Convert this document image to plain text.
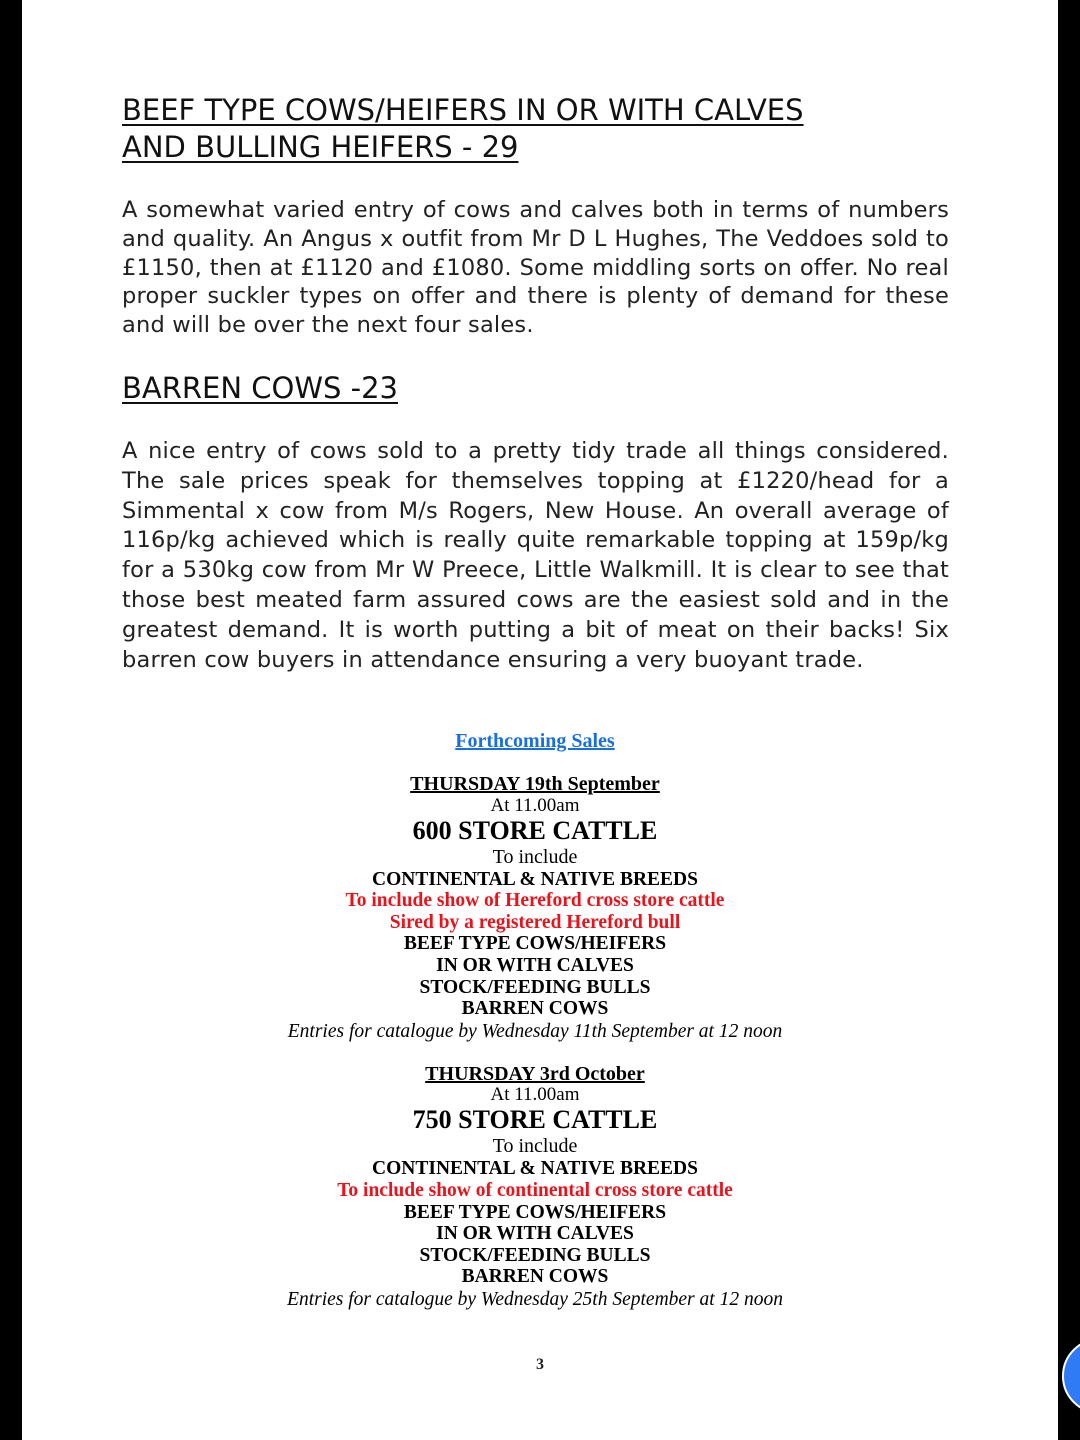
BEEF TYPE COWS/HEIFERS IN OR WITH CALVES
AND BULLING HEIFERS - 29

A somewhat varied entry of cows and calves both in terms of numbers and quality. An Angus x outfit from Mr D L Hughes, The Veddoes sold to £1150, then at £1120 and £1080. Some middling sorts on offer. No real proper suckler types on offer and there is plenty of demand for these and will be over the next four sales.

BARREN COWS -23

A nice entry of cows sold to a pretty tidy trade all things considered. The sale prices speak for themselves topping at £1220/head for a Simmental x cow from M/s Rogers, New House. An overall average of 116p/kg achieved which is really quite remarkable topping at 159p/kg for a 530kg cow from Mr W Preece, Little Walkmill. It is clear to see that those best meated farm assured cows are the easiest sold and in the greatest demand. It is worth putting a bit of meat on their backs! Six barren cow buyers in attendance ensuring a very buoyant trade.

Forthcoming Sales
THURSDAY 19th September
At 11.00am
600 STORE CATTLE
To include
CONTINENTAL & NATIVE BREEDS
To include show of Hereford cross store cattle
Sired by a registered Hereford bull
BEEF TYPE COWS/HEIFERS
IN OR WITH CALVES
STOCK/FEEDING BULLS
BARREN COWS
Entries for catalogue by Wednesday 11th September at 12 noon
THURSDAY 3rd October
At 11.00am
750 STORE CATTLE
To include
CONTINENTAL & NATIVE BREEDS
To include show of continental cross store cattle
BEEF TYPE COWS/HEIFERS
IN OR WITH CALVES
STOCK/FEEDING BULLS
BARREN COWS
Entries for catalogue by Wednesday 25th September at 12 noon
3
